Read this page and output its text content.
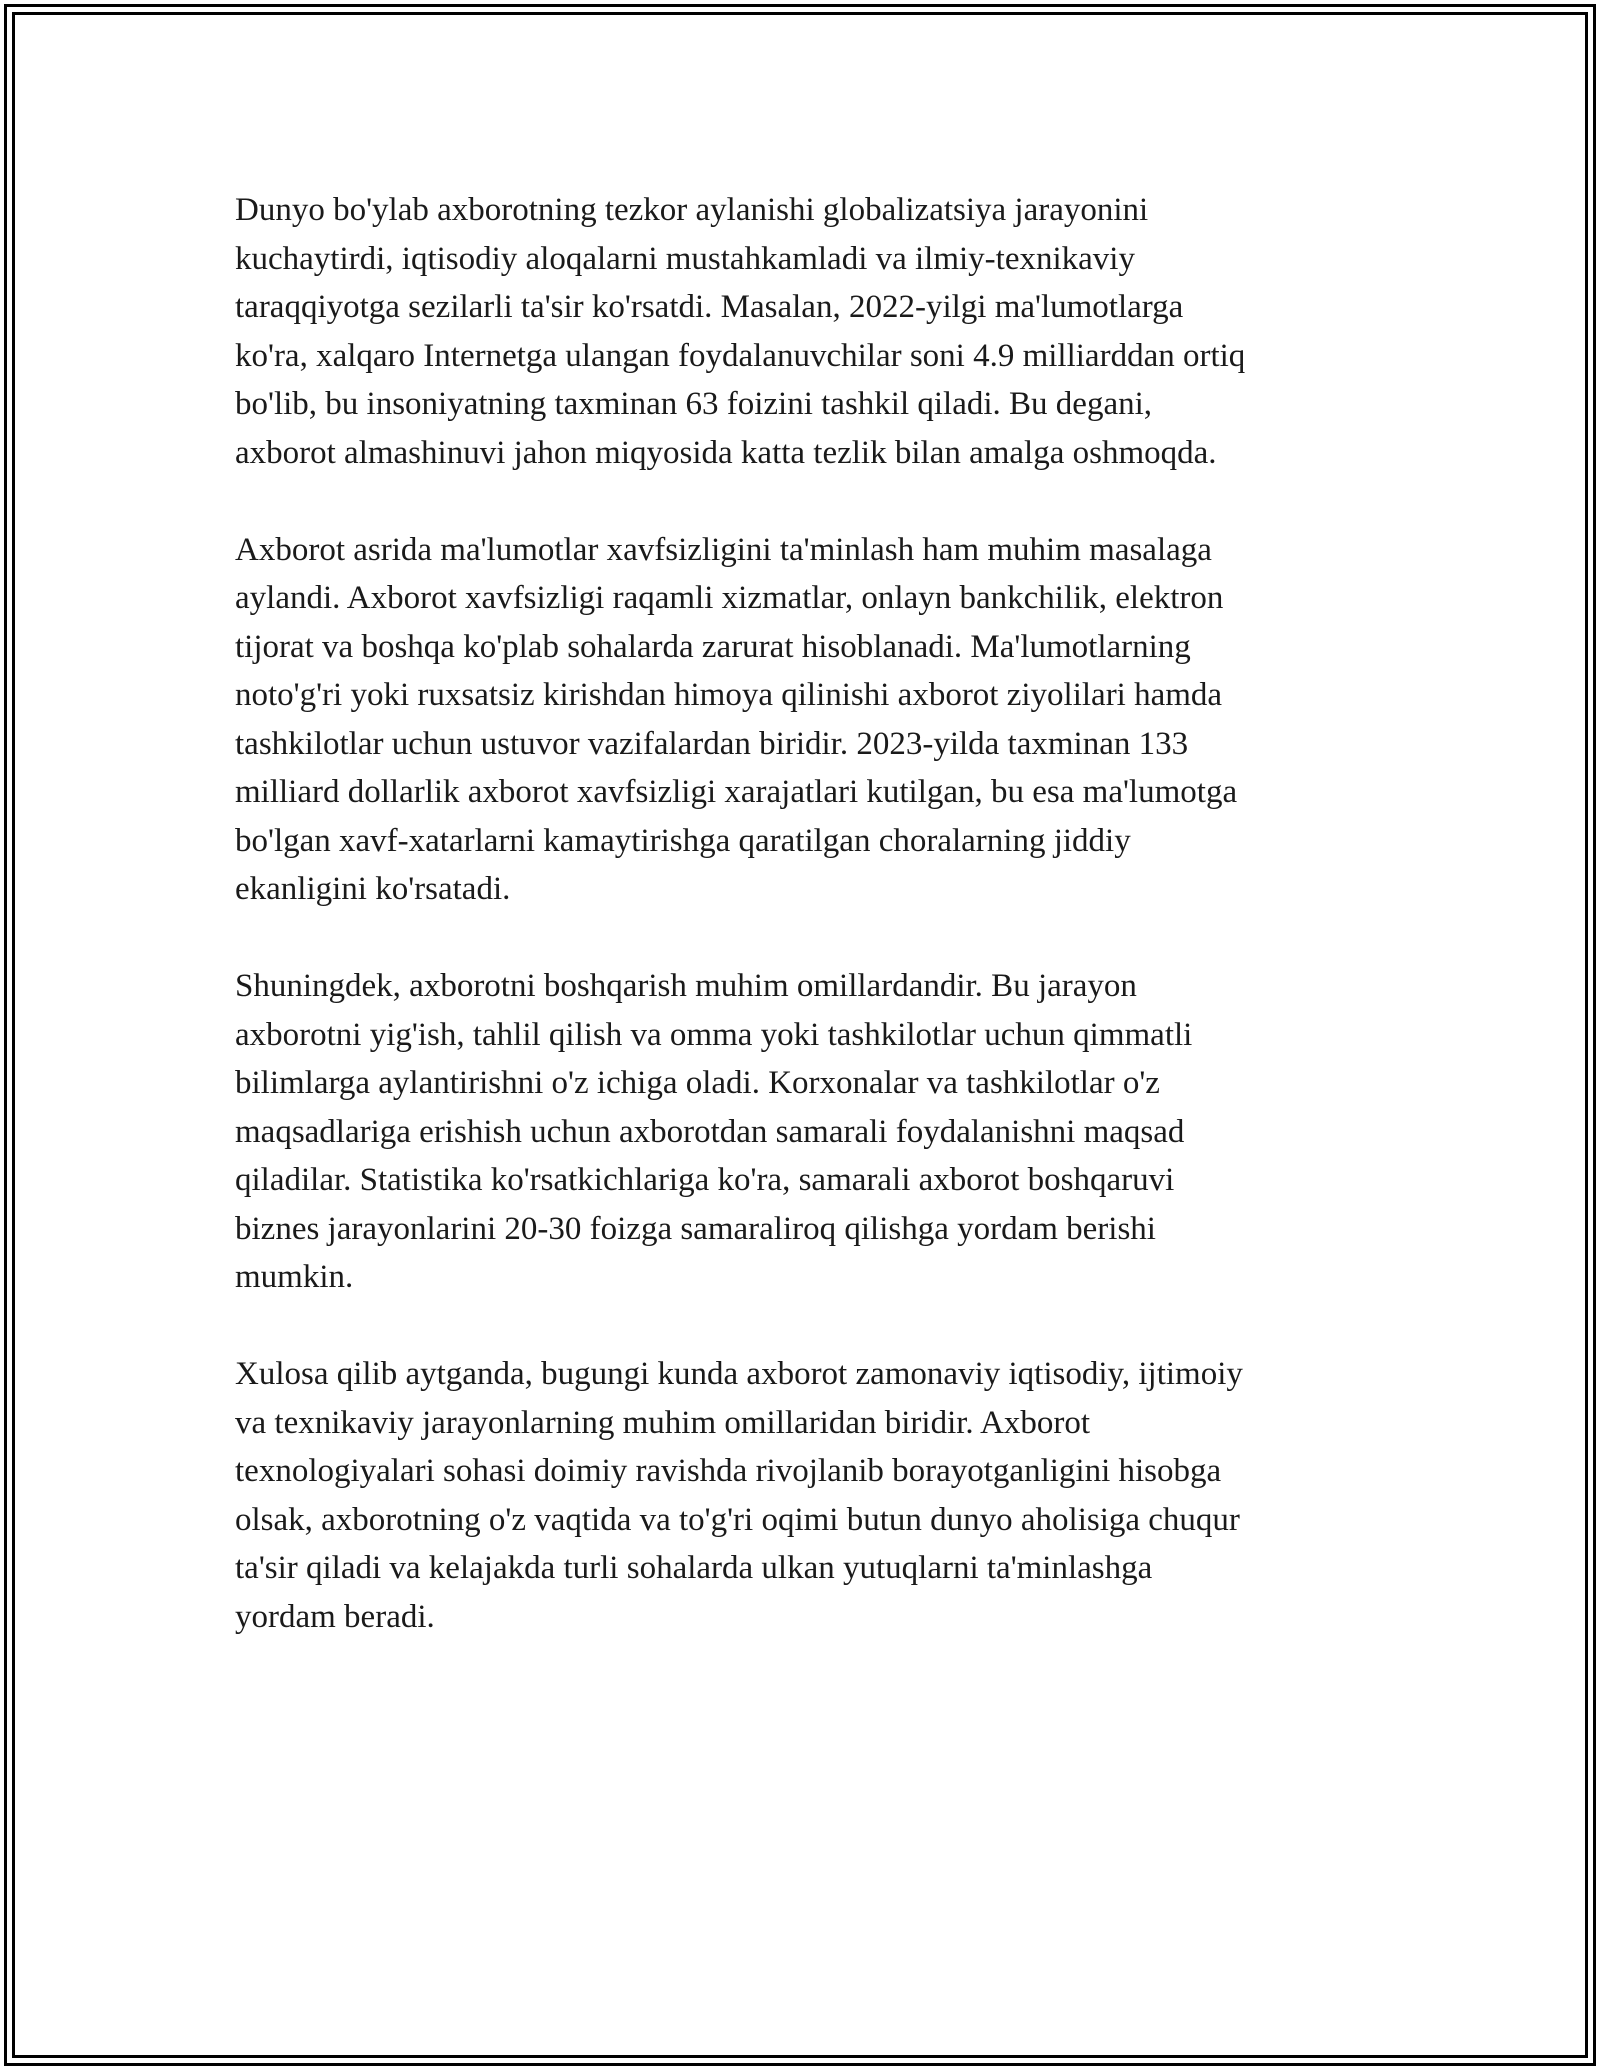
Dunyo bo'ylab axborotning tezkor aylanishi globalizatsiya jarayonini
kuchaytirdi, iqtisodiy aloqalarni mustahkamladi va ilmiy-texnikaviy
taraqqiyotga sezilarli ta'sir ko'rsatdi. Masalan, 2022-yilgi ma'lumotlarga
ko'ra, xalqaro Internetga ulangan foydalanuvchilar soni 4.9 milliarddan ortiq
bo'lib, bu insoniyatning taxminan 63 foizini tashkil qiladi. Bu degani,
axborot almashinuvi jahon miqyosida katta tezlik bilan amalga oshmoqda.

Axborot asrida ma'lumotlar xavfsizligini ta'minlash ham muhim masalaga
aylandi. Axborot xavfsizligi raqamli xizmatlar, onlayn bankchilik, elektron
tijorat va boshqa ko'plab sohalarda zarurat hisoblanadi. Ma'lumotlarning
noto'g'ri yoki ruxsatsiz kirishdan himoya qilinishi axborot ziyolilari hamda
tashkilotlar uchun ustuvor vazifalardan biridir. 2023-yilda taxminan 133
milliard dollarlik axborot xavfsizligi xarajatlari kutilgan, bu esa ma'lumotga
bo'lgan xavf-xatarlarni kamaytirishga qaratilgan choralarning jiddiy
ekanligini ko'rsatadi.

Shuningdek, axborotni boshqarish muhim omillardandir. Bu jarayon
axborotni yig'ish, tahlil qilish va omma yoki tashkilotlar uchun qimmatli
bilimlarga aylantirishni o'z ichiga oladi. Korxonalar va tashkilotlar o'z
maqsadlariga erishish uchun axborotdan samarali foydalanishni maqsad
qiladilar. Statistika ko'rsatkichlariga ko'ra, samarali axborot boshqaruvi
biznes jarayonlarini 20-30 foizga samaraliroq qilishga yordam berishi
mumkin.

Xulosa qilib aytganda, bugungi kunda axborot zamonaviy iqtisodiy, ijtimoiy
va texnikaviy jarayonlarning muhim omillaridan biridir. Axborot
texnologiyalari sohasi doimiy ravishda rivojlanib borayotganligini hisobga
olsak, axborotning o'z vaqtida va to'g'ri oqimi butun dunyo aholisiga chuqur
ta'sir qiladi va kelajakda turli sohalarda ulkan yutuqlarni ta'minlashga
yordam beradi.
